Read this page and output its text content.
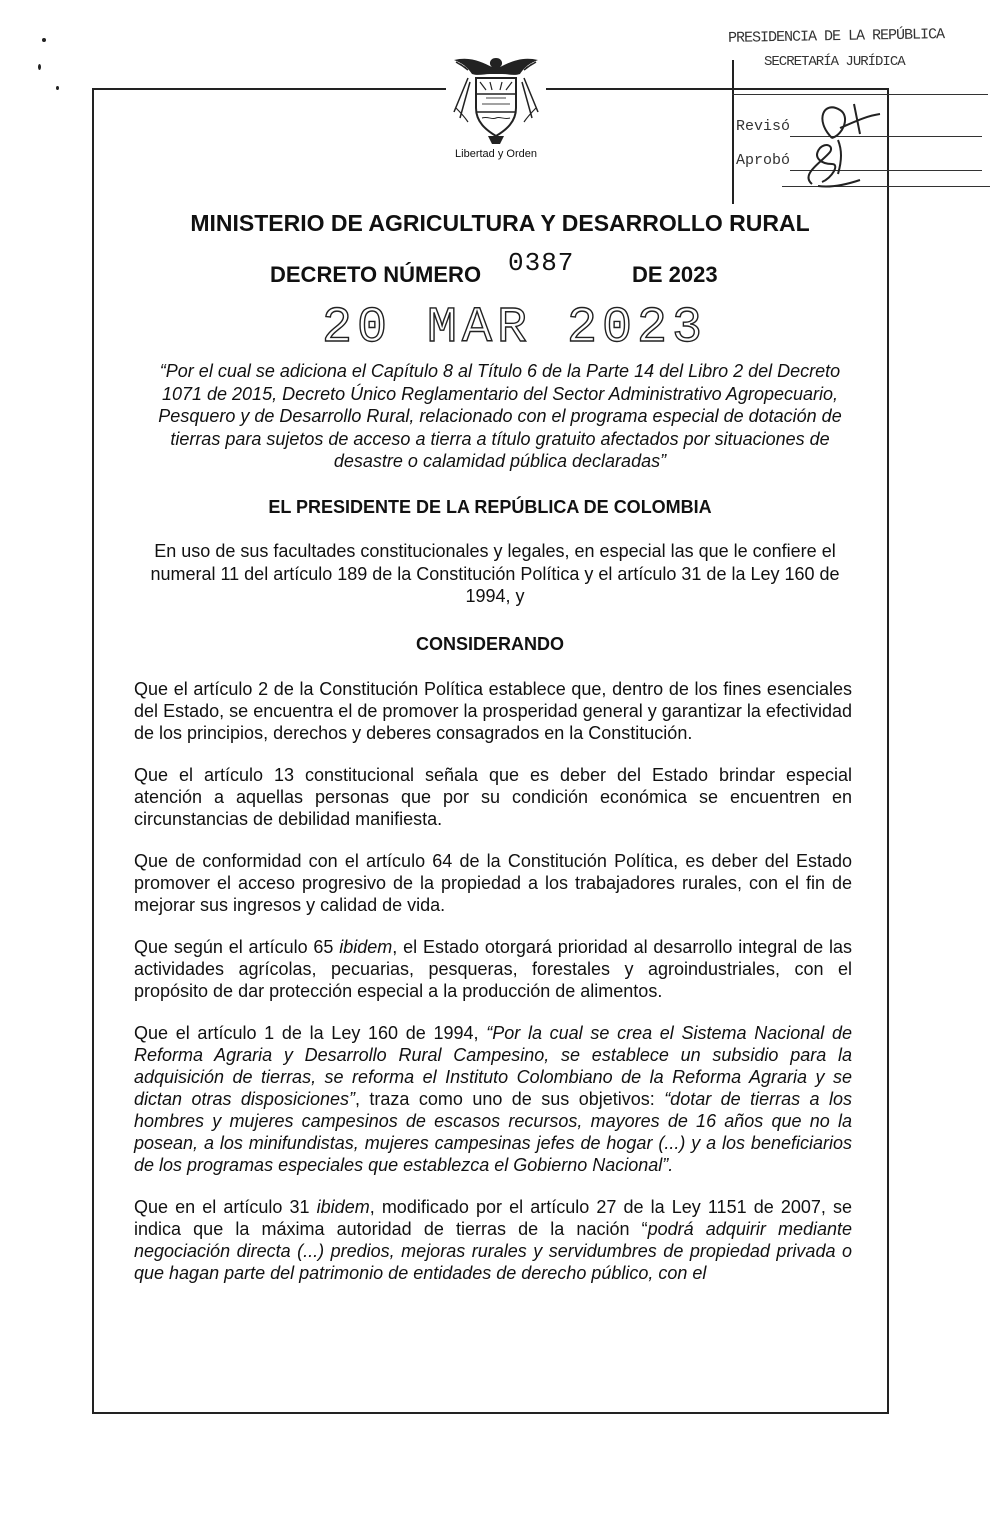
Libertad y Orden
PRESIDENCIA DE LA REPÚBLICA
SECRETARÍA JURÍDICA
Revisó
Aprobó
MINISTERIO DE AGRICULTURA Y DESARROLLO RURAL
DECRETO NÚMERO 0387	DE 2023
20 MAR 2023
“Por el cual se adiciona el Capítulo 8 al Título 6 de la Parte 14 del Libro 2 del Decreto 1071 de 2015, Decreto Único Reglamentario del Sector Administrativo Agropecuario, Pesquero y de Desarrollo Rural, relacionado con el programa especial de dotación de tierras para sujetos de acceso a tierra a título gratuito afectados por situaciones de desastre o calamidad pública declaradas”
EL PRESIDENTE DE LA REPÚBLICA DE COLOMBIA
En uso de sus facultades constitucionales y legales, en especial las que le confiere el numeral 11 del artículo 189 de la Constitución Política y el artículo 31 de la Ley 160 de 1994, y
CONSIDERANDO

Que el artículo 2 de la Constitución Política establece que, dentro de los fines esenciales del Estado, se encuentra el de promover la prosperidad general y garantizar la efectividad de los principios, derechos y deberes consagrados en la Constitución.

Que el artículo 13 constitucional señala que es deber del Estado brindar especial atención a aquellas personas que por su condición económica se encuentren en circunstancias de debilidad manifiesta.

Que de conformidad con el artículo 64 de la Constitución Política, es deber del Estado promover el acceso progresivo de la propiedad a los trabajadores rurales, con el fin de mejorar sus ingresos y calidad de vida.

Que según el artículo 65 ibidem, el Estado otorgará prioridad al desarrollo integral de las actividades agrícolas, pecuarias, pesqueras, forestales y agroindustriales, con el propósito de dar protección especial a la producción de alimentos.

Que el artículo 1 de la Ley 160 de 1994, “Por la cual se crea el Sistema Nacional de Reforma Agraria y Desarrollo Rural Campesino, se establece un subsidio para la adquisición de tierras, se reforma el Instituto Colombiano de la Reforma Agraria y se dictan otras disposiciones”, traza como uno de sus objetivos: “dotar de tierras a los hombres y mujeres campesinos de escasos recursos, mayores de 16 años que no la posean, a los minifundistas, mujeres campesinas jefes de hogar (...) y a los beneficiarios de los programas especiales que establezca el Gobierno Nacional”.

Que en el artículo 31 ibidem, modificado por el artículo 27 de la Ley 1151 de 2007, se indica que la máxima autoridad de tierras de la nación “podrá adquirir mediante negociación directa (...) predios, mejoras rurales y servidumbres de propiedad privada o que hagan parte del patrimonio de entidades de derecho público, con el
